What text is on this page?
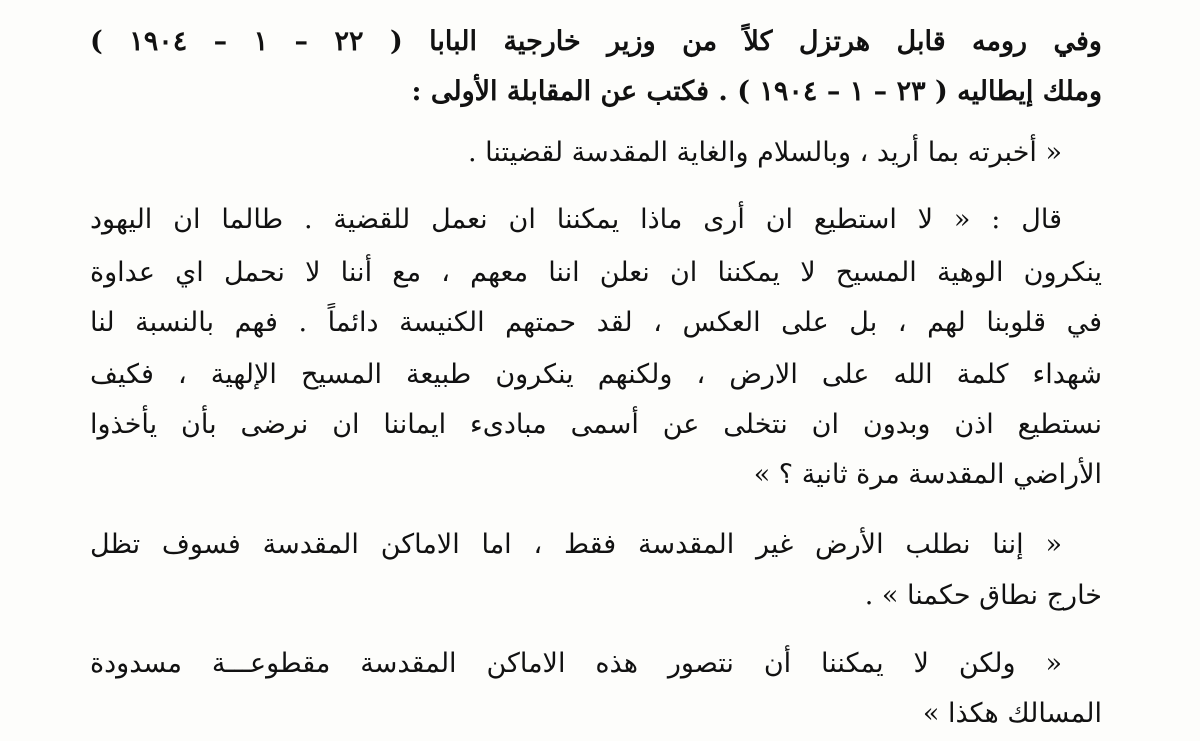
وفي رومه قابل هرتزل كلاً من وزير خارجية البابا ( ٢٢ – ١ – ١٩٠٤ )
وملك إيطاليه ( ٢٣ – ١ – ١٩٠٤ ) . فكتب عن المقابلة الأولى :
« أخبرته بما أريد ، وبالسلام والغاية المقدسة لقضيتنا .
قال : « لا استطيع ان أرى ماذا يمكننا ان نعمل للقضية . طالما ان اليهود
ينكرون الوهية المسيح لا يمكننا ان نعلن اننا معهم ، مع أننا لا نحمل اي عداوة
في قلوبنا لهم ، بل على العكس ، لقد حمتهم الكنيسة دائماً . فهم بالنسبة لنا
شهداء كلمة الله على الارض ، ولكنهم ينكرون طبيعة المسيح الإلهية ، فكيف
نستطيع اذن وبدون ان نتخلى عن أسمى مبادىء ايماننا ان نرضى بأن يأخذوا
الأراضي المقدسة مرة ثانية ؟ »
« إننا نطلب الأرض غير المقدسة فقط ، اما الاماكن المقدسة فسوف تظل
خارج نطاق حكمنا » .
« ولكن لا يمكننا أن نتصور هذه الاماكن المقدسة مقطوعـــة مسدودة
المسالك هكذا »
